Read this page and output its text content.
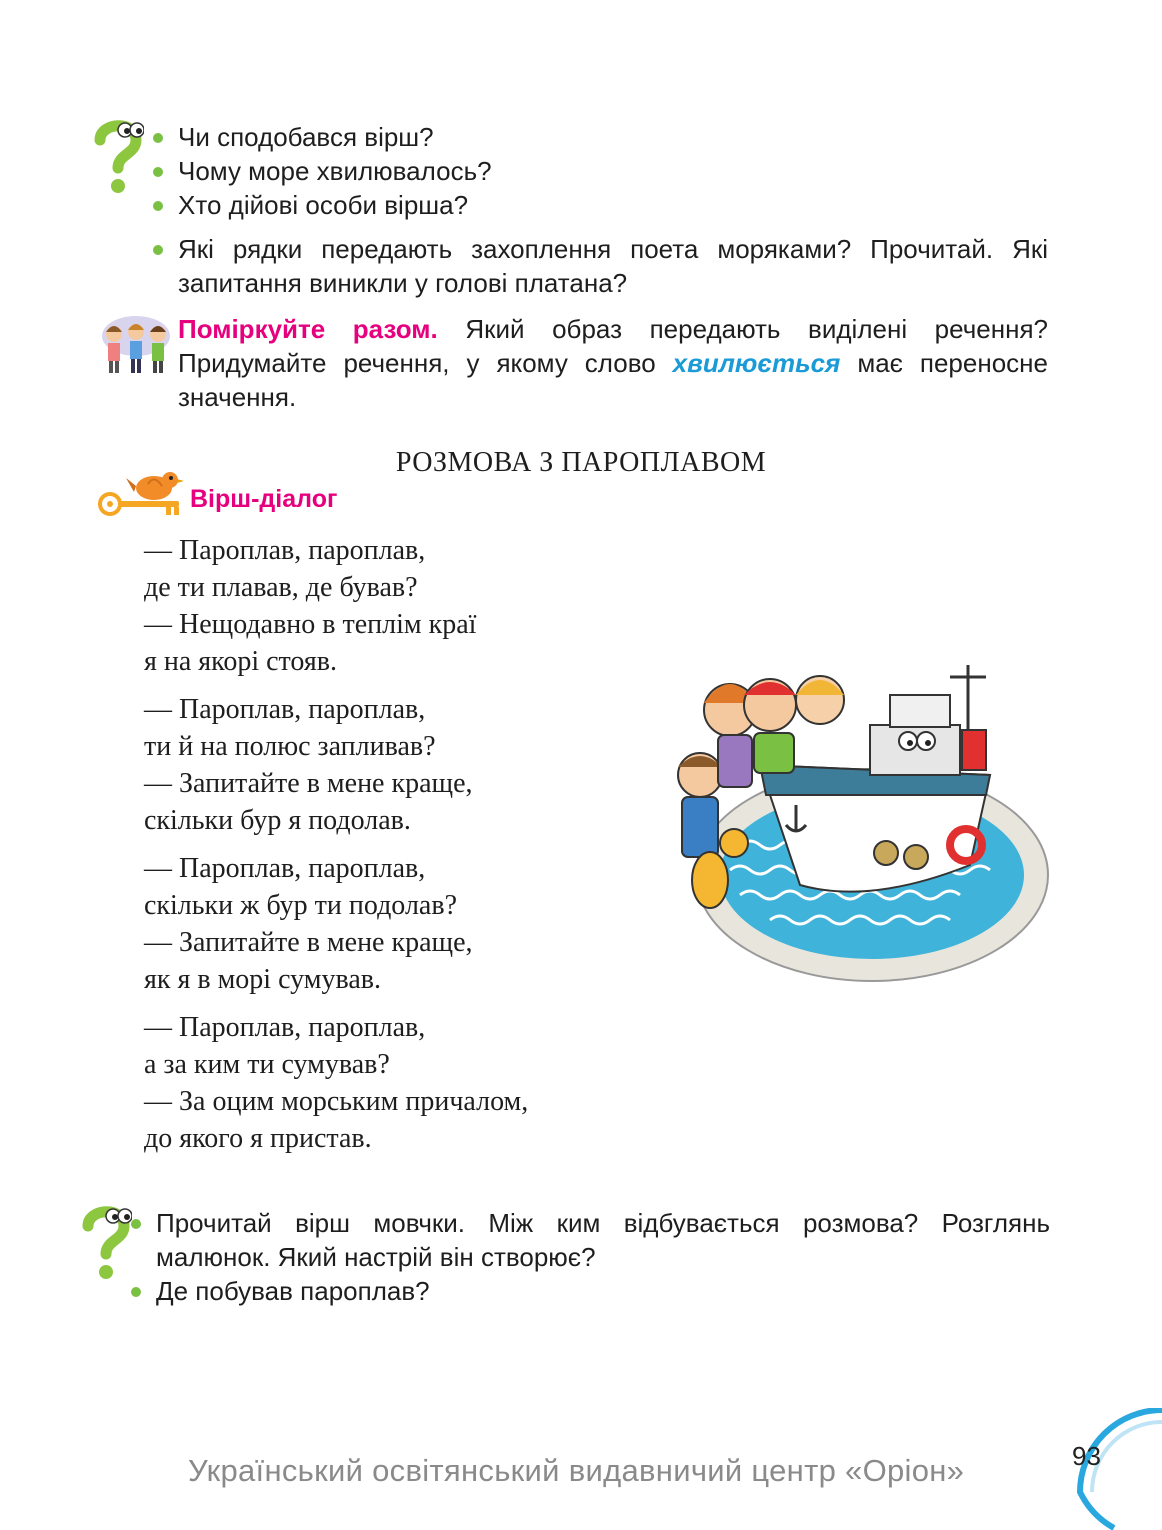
Чи сподобався вірш?
Чому море хвилювалось?
Хто дійові особи вірша?
Які рядки передають захоплення поета моряками? Прочитай. Які запитання виникли у голові платана?
Поміркуйте разом. Який образ передають виділені речення? Придумайте речення, у якому слово хвилюється має переносне значення.
РОЗМОВА З ПАРОПЛАВОМ
Вірш-діалог
— Пароплав, пароплав,
де ти плавав, де бував?
— Нещодавно в теплім краї
я на якорі стояв.
— Пароплав, пароплав,
ти й на полюс запливав?
— Запитайте в мене краще,
скільки бур я подолав.
— Пароплав, пароплав,
скільки ж бур ти подолав?
— Запитайте в мене краще,
як я в морі сумував.
— Пароплав, пароплав,
а за ким ти сумував?
— За оцим морським причалом,
до якого я пристав.
Прочитай вірш мовчки. Між ким відбувається розмова? Розглянь малюнок. Який настрій він створює?
Де побував пароплав?
Український освітянський видавничий центр «Оріон»	93
